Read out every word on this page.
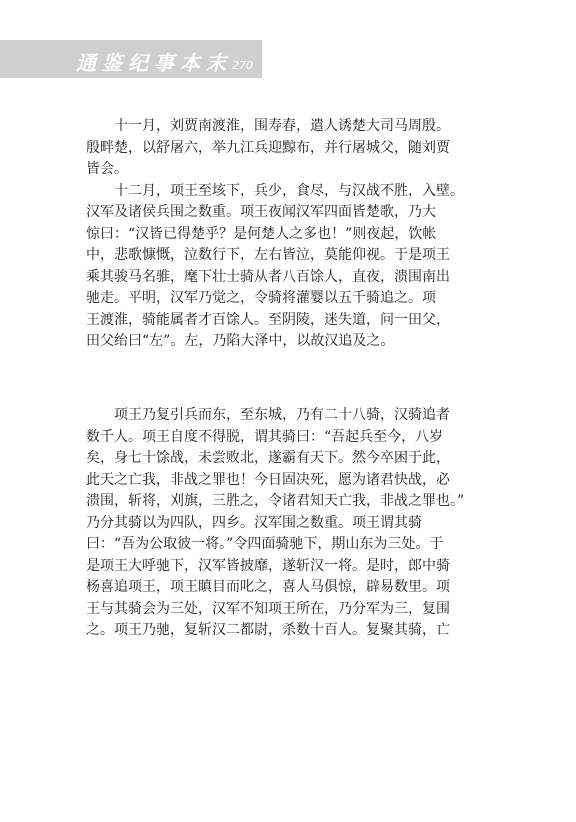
通鉴纪事本末 270
十一月，刘贾南渡淮，围寿春，遣人诱楚大司马周殷。
殷畔楚，以舒屠六，举九江兵迎黥布，并行屠城父，随刘贾
皆会。
十二月，项王至垓下，兵少，食尽，与汉战不胜，入壁。
汉军及诸侯兵围之数重。项王夜闻汉军四面皆楚歌，乃大
惊曰：“汉皆已得楚乎？是何楚人之多也！”则夜起，饮帐
中，悲歌慷慨，泣数行下，左右皆泣，莫能仰视。于是项王
乘其骏马名骓，麾下壮士骑从者八百馀人，直夜，溃围南出
驰走。平明，汉军乃觉之，令骑将灌婴以五千骑追之。项
王渡淮，骑能属者才百馀人。至阴陵，迷失道，问一田父，
田父绐曰“左”。左，乃陷大泽中，以故汉追及之。
项王乃复引兵而东，至东城，乃有二十八骑，汉骑追者
数千人。项王自度不得脱，谓其骑曰：“吾起兵至今，八岁
矣，身七十馀战，未尝败北，遂霸有天下。然今卒困于此，
此天之亡我，非战之罪也！今日固决死，愿为诸君快战，必
溃围，斩将，刈旗，三胜之，令诸君知天亡我，非战之罪也。”
乃分其骑以为四队，四乡。汉军围之数重。项王谓其骑
曰：“吾为公取彼一将。”令四面骑驰下，期山东为三处。于
是项王大呼驰下，汉军皆披靡，遂斩汉一将。是时，郎中骑
杨喜追项王，项王瞋目而叱之，喜人马俱惊，辟易数里。项
王与其骑会为三处，汉军不知项王所在，乃分军为三，复围
之。项王乃驰，复斩汉二都尉，杀数十百人。复聚其骑，亡
